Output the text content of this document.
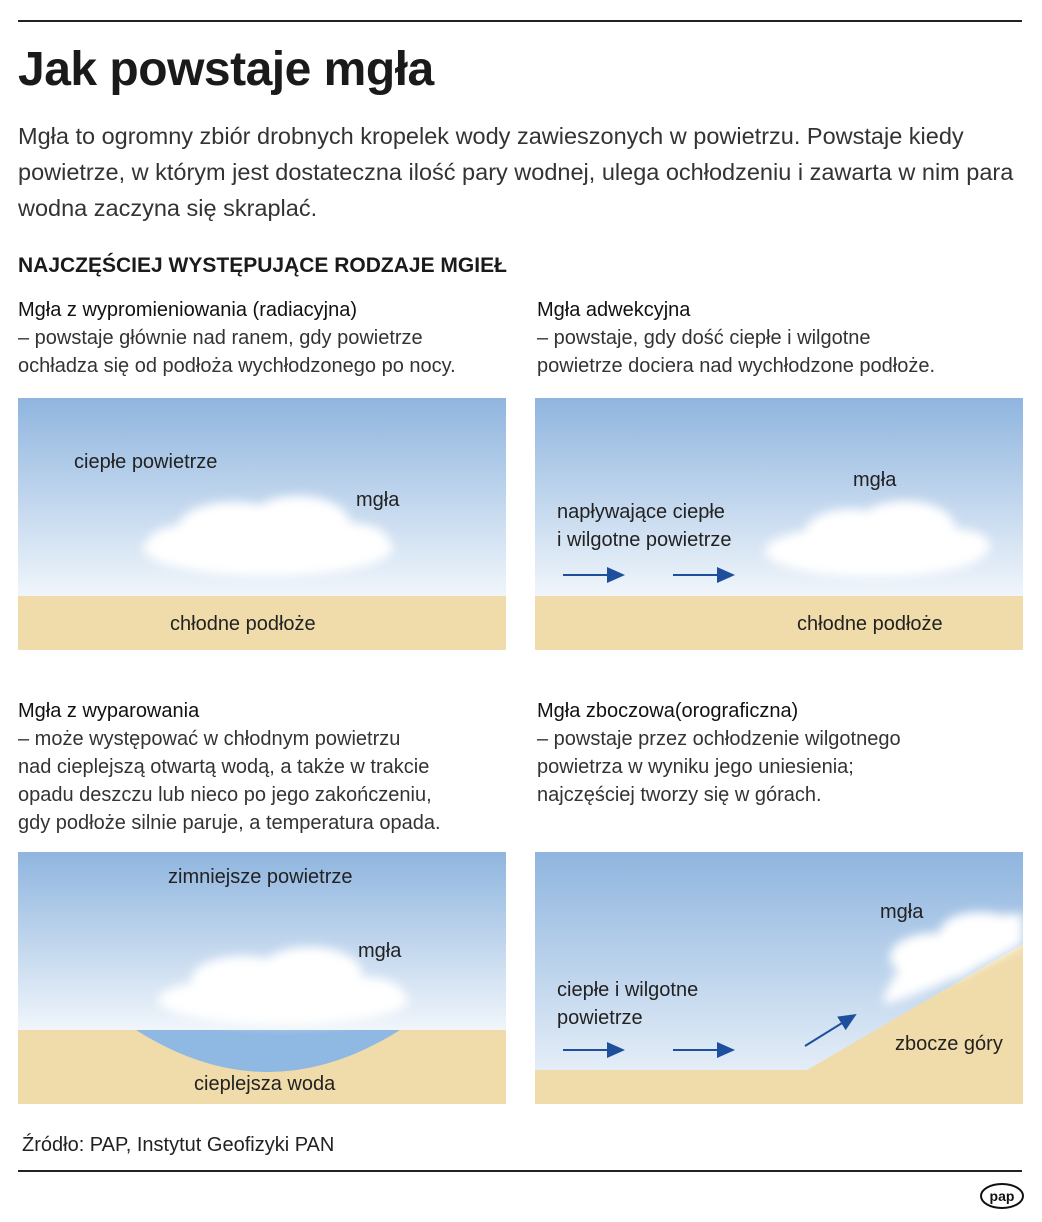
Jak powstaje mgła
Mgła to ogromny zbiór drobnych kropelek wody zawieszonych w powietrzu. Powstaje kiedy powietrze, w którym jest dostateczna ilość pary wodnej, ulega ochłodzeniu i zawarta w nim para wodna zaczyna się skraplać.
NAJCZĘŚCIEJ WYSTĘPUJĄCE RODZAJE MGIEŁ
Mgła z wypromieniowania (radiacyjna)
– powstaje głównie nad ranem, gdy powietrze
ochładza się od podłoża wychłodzonego po nocy.
Mgła adwekcyjna
– powstaje, gdy dość ciepłe i wilgotne
powietrze dociera nad wychłodzone podłoże.
ciepłe powietrze
mgła
chłodne podłoże
napływające ciepłe
i wilgotne powietrze
mgła
chłodne podłoże
Mgła z wyparowania
– może występować w chłodnym powietrzu
nad cieplejszą otwartą wodą, a także w trakcie
opadu deszczu lub nieco po jego zakończeniu,
gdy podłoże silnie paruje, a temperatura opada.
Mgła zboczowa(orograficzna)
– powstaje przez ochłodzenie wilgotnego
powietrza w wyniku jego uniesienia;
najczęściej tworzy się w górach.
zimniejsze powietrze
mgła
cieplejsza woda
ciepłe i wilgotne
powietrze
mgła
zbocze góry
Źródło: PAP, Instytut Geofizyki PAN
pap
